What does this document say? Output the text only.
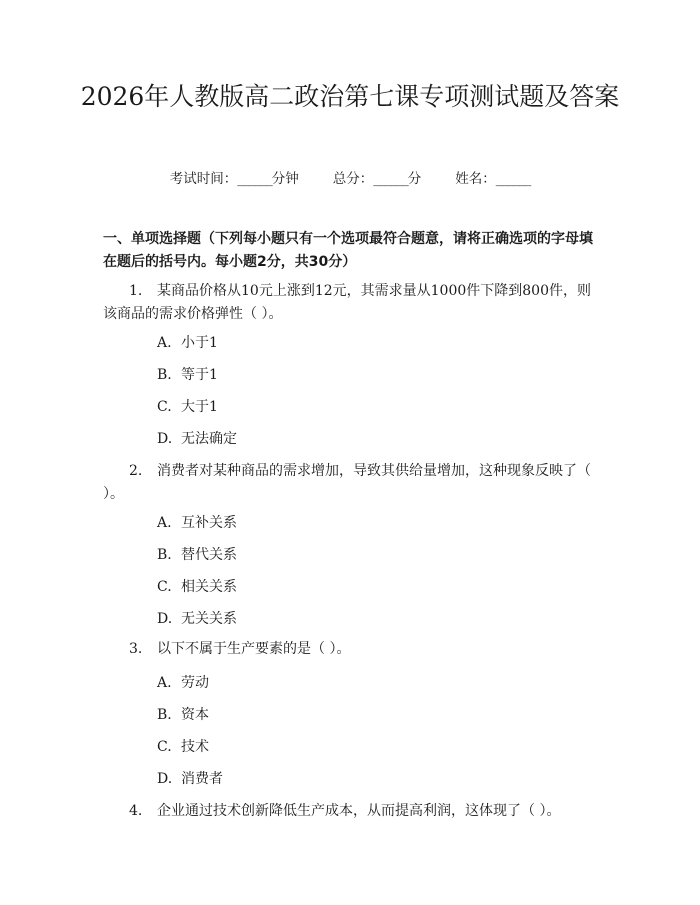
2026年人教版高二政治第七课专项测试题及答案
考试时间：______分钟	总分：______分	姓名：______
一、单项选择题（下列每小题只有一个选项最符合题意，请将正确选项的字母填在题后的括号内。每小题2分，共30分）
1. 某商品价格从10元上涨到12元，其需求量从1000件下降到800件，则该商品的需求价格弹性（ ）。
A. 小于1
B. 等于1
C. 大于1
D. 无法确定
2. 消费者对某种商品的需求增加，导致其供给量增加，这种现象反映了（ ）。
A. 互补关系
B. 替代关系
C. 相关关系
D. 无关关系
3. 以下不属于生产要素的是（ ）。
A. 劳动
B. 资本
C. 技术
D. 消费者
4. 企业通过技术创新降低生产成本，从而提高利润，这体现了（ ）。
